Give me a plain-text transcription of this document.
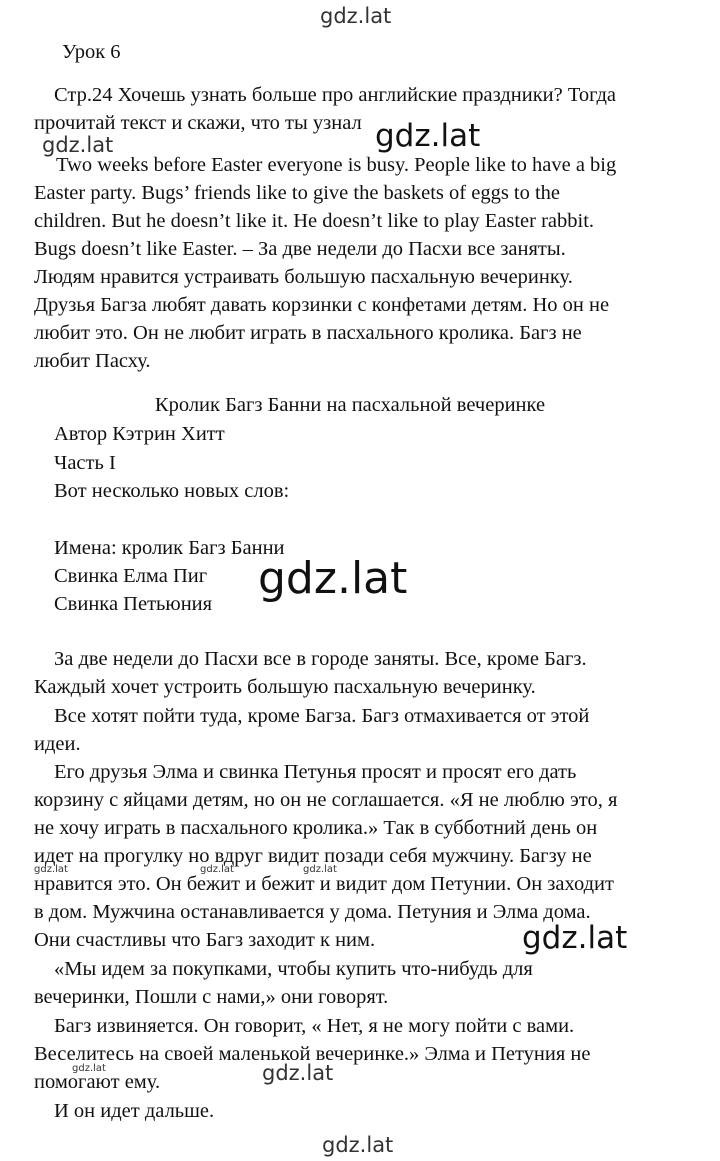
gdz.lat
gdz.lat	gdz.lat
gdz.lat
gdz.lat	gdz.lat	gdz.lat
gdz.lat
gdz.lat	gdz.lat
gdz.lat
Урок 6
Стр.24 Хочешь узнать больше про английские праздники? Тогда
прочитай текст и скажи, что ты узнал
Two weeks before Easter everyone is busy. People like to have a big
Easter party. Bugs’ friends like to give the baskets of eggs to the
children. But he doesn’t like it. He doesn’t like to play Easter rabbit.
Bugs doesn’t like Easter. – За две недели до Пасхи все заняты.
Людям нравится устраивать большую пасхальную вечеринку.
Друзья Багза любят давать корзинки с конфетами детям. Но он не
любит это. Он не любит играть в пасхального кролика. Багз не
любит Пасху.
Кролик Багз Банни на пасхальной вечеринке
Автор Кэтрин Хитт
Часть I
Вот несколько новых слов:
Имена: кролик Багз Банни
Свинка Елма Пиг
Свинка Петьюния
За две недели до Пасхи все в городе заняты. Все, кроме Багз.
Каждый хочет устроить большую пасхальную вечеринку.
Все хотят пойти туда, кроме Багза. Багз отмахивается от этой
идеи.
Его друзья Элма и свинка Петунья просят и просят его дать
корзину с яйцами детям, но он не соглашается. «Я не люблю это, я
не хочу играть в пасхального кролика.» Так в субботний день он
идет на прогулку но вдруг видит позади себя мужчину. Багзу не
нравится это. Он бежит и бежит и видит дом Петунии. Он заходит
в дом. Мужчина останавливается у дома. Петуния и Элма дома.
Они счастливы что Багз заходит к ним.
«Мы идем за покупками, чтобы купить что-нибудь для
вечеринки, Пошли с нами,» они говорят.
Багз извиняется. Он говорит, « Нет, я не могу пойти с вами.
Веселитесь на своей маленькой вечеринке.» Элма и Петуния не
помогают ему.
И он идет дальше.
